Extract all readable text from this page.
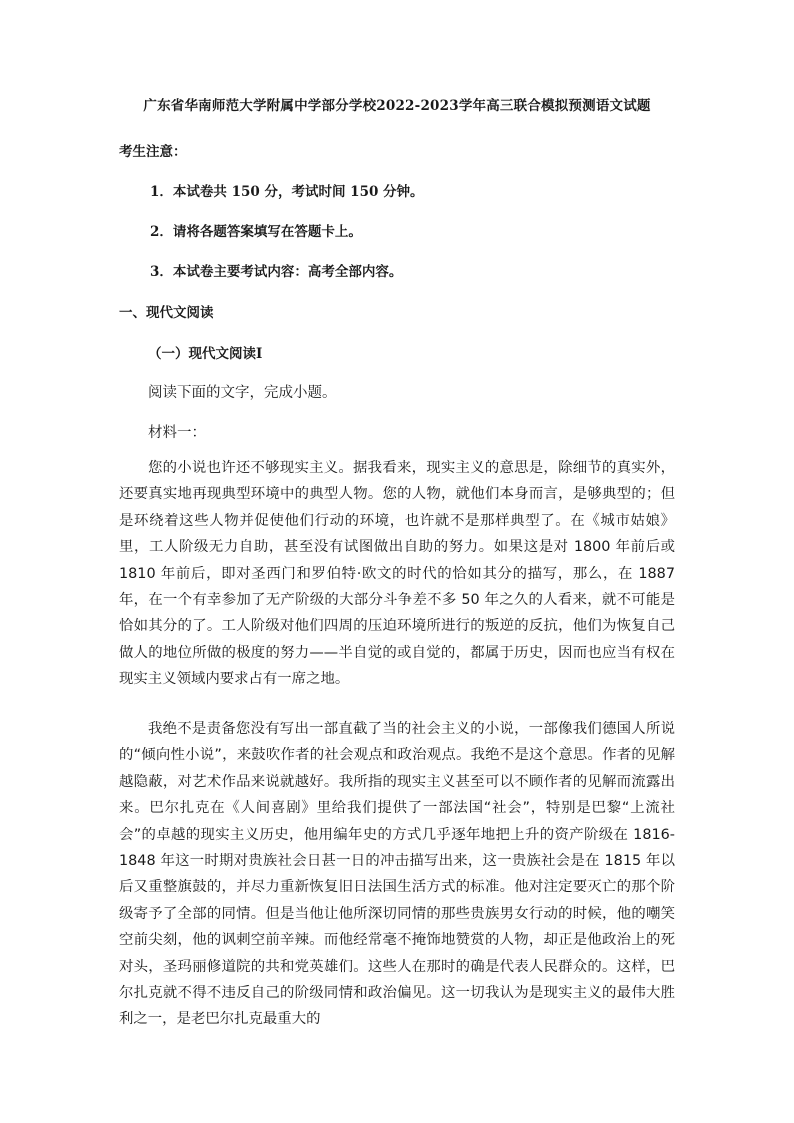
广东省华南师范大学附属中学部分学校2022-2023学年高三联合模拟预测语文试题
考生注意：
1．本试卷共 150 分，考试时间 150 分钟。
2．请将各题答案填写在答题卡上。
3．本试卷主要考试内容：高考全部内容。
一、现代文阅读
（一）现代文阅读Ⅰ
阅读下面的文字，完成小题。
材料一：

您的小说也许还不够现实主义。据我看来，现实主义的意思是，除细节的真实外，还要真实地再现典型环境中的典型人物。您的人物，就他们本身而言，是够典型的；但是环绕着这些人物并促使他们行动的环境，也许就不是那样典型了。在《城市姑娘》里，工人阶级无力自助，甚至没有试图做出自助的努力。如果这是对 1800 年前后或 1810 年前后，即对圣西门和罗伯特·欧文的时代的恰如其分的描写，那么，在 1887 年，在一个有幸参加了无产阶级的大部分斗争差不多 50 年之久的人看来，就不可能是恰如其分的了。工人阶级对他们四周的压迫环境所进行的叛逆的反抗，他们为恢复自己做人的地位所做的极度的努力——半自觉的或自觉的，都属于历史，因而也应当有权在现实主义领域内要求占有一席之地。

我绝不是责备您没有写出一部直截了当的社会主义的小说，一部像我们德国人所说的“倾向性小说”，来鼓吹作者的社会观点和政治观点。我绝不是这个意思。作者的见解越隐蔽，对艺术作品来说就越好。我所指的现实主义甚至可以不顾作者的见解而流露出来。巴尔扎克在《人间喜剧》里给我们提供了一部法国“社会”，特别是巴黎“上流社会”的卓越的现实主义历史，他用编年史的方式几乎逐年地把上升的资产阶级在 1816-1848 年这一时期对贵族社会日甚一日的冲击描写出来，这一贵族社会是在 1815 年以后又重整旗鼓的，并尽力重新恢复旧日法国生活方式的标准。他对注定要灭亡的那个阶级寄予了全部的同情。但是当他让他所深切同情的那些贵族男女行动的时候，他的嘲笑空前尖刻，他的讽刺空前辛辣。而他经常毫不掩饰地赞赏的人物，却正是他政治上的死对头，圣玛丽修道院的共和党英雄们。这些人在那时的确是代表人民群众的。这样，巴尔扎克就不得不违反自己的阶级同情和政治偏见。这一切我认为是现实主义的最伟大胜利之一，是老巴尔扎克最重大的
